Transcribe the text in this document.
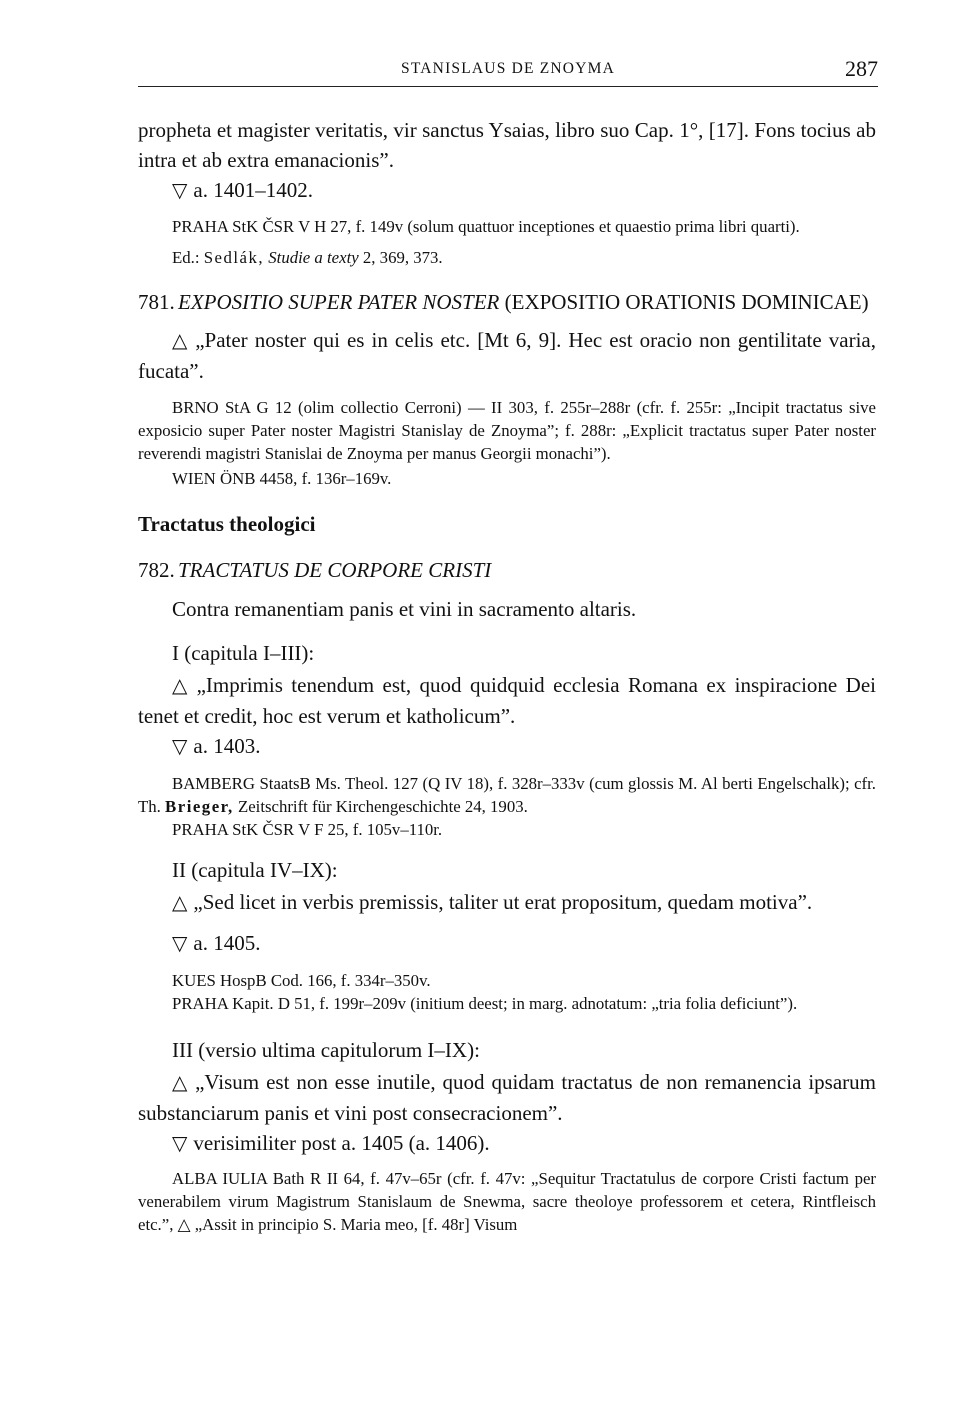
STANISLAUS DE ZNOYMA	287
propheta et magister veritatis, vir sanctus Ysaias, libro suo Cap. 1°, [17]. Fons tocius ab intra et ab extra emanacionis”.
▽ a. 1401–1402.
PRAHA StK ČSR V H 27, f. 149v (solum quattuor inceptiones et quaestio prima libri quarti).
Ed.: Sedlák, Studie a texty 2, 369, 373.
781. EXPOSITIO SUPER PATER NOSTER (EXPOSITIO ORATIONIS DOMINICAE)
△ „Pater noster qui es in celis etc. [Mt 6, 9]. Hec est oracio non gentilitate varia, fucata”.
BRNO StA G 12 (olim collectio Cerroni) — II 303, f. 255r–288r (cfr. f. 255r: „Incipit tractatus sive exposicio super Pater noster Magistri Stanislay de Znoyma”; f. 288r: „Explicit tractatus super Pater noster reverendi magistri Stanislai de Znoyma per manus Georgii monachi”).
WIEN ÖNB 4458, f. 136r–169v.
Tractatus theologici
782. TRACTATUS DE CORPORE CRISTI
Contra remanentiam panis et vini in sacramento altaris.
I (capitula I–III):
△ „Imprimis tenendum est, quod quidquid ecclesia Romana ex inspiracione Dei tenet et credit, hoc est verum et katholicum”.
▽ a. 1403.
BAMBERG StaatsB Ms. Theol. 127 (Q IV 18), f. 328r–333v (cum glossis M. Al berti Engelschalk); cfr. Th. Brieger, Zeitschrift für Kirchengeschichte 24, 1903.
PRAHA StK ČSR V F 25, f. 105v–110r.
II (capitula IV–IX):
△ „Sed licet in verbis premissis, taliter ut erat propositum, quedam motiva”.
▽ a. 1405.
KUES HospB Cod. 166, f. 334r–350v.
PRAHA Kapit. D 51, f. 199r–209v (initium deest; in marg. adnotatum: „tria folia deficiunt”).
III (versio ultima capitulorum I–IX):
△ „Visum est non esse inutile, quod quidam tractatus de non remanencia ipsarum substanciarum panis et vini post consecracionem”.
▽ verisimiliter post a. 1405 (a. 1406).
ALBA IULIA Bath R II 64, f. 47v–65r (cfr. f. 47v: „Sequitur Tractatulus de corpore Cristi factum per venerabilem virum Magistrum Stanislaum de Snewma, sacre theoloye professorem et cetera, Rintfleisch etc.”, △ „Assit in principio S. Maria meo, [f. 48r] Visum
